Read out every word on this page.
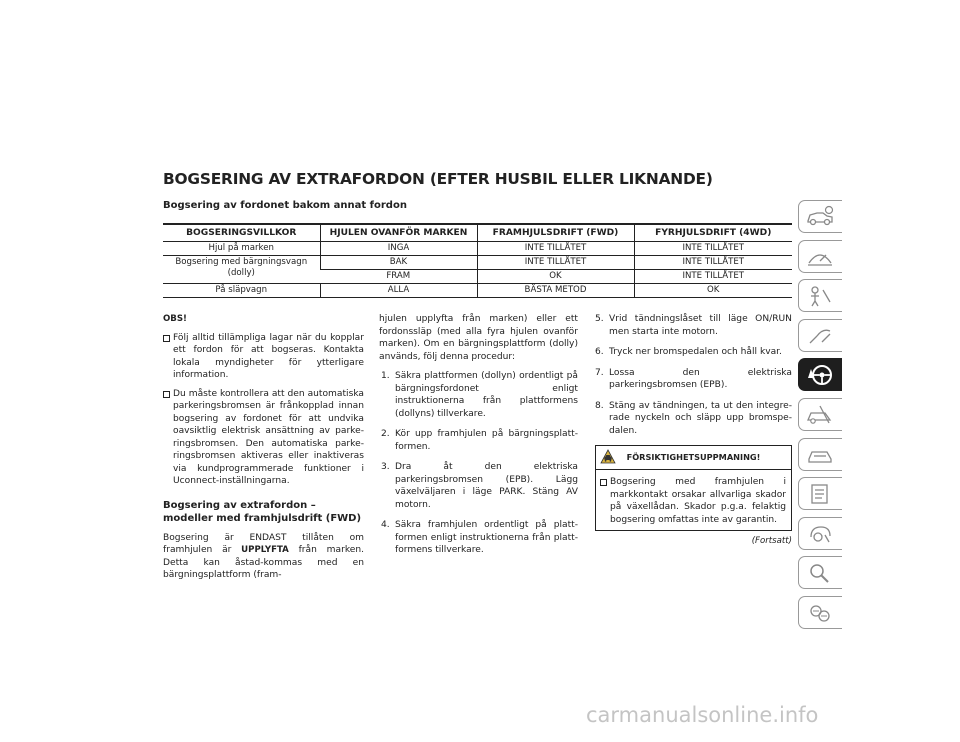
BOGSERING AV EXTRAFORDON (EFTER HUSBIL ELLER LIKNANDE)
Bogsering av fordonet bakom annat fordon
BOGSERINGSVILLKOR	HJULEN OVANFÖR MARKEN	FRAMHJULSDRIFT (FWD)	FYRHJULSDRIFT (4WD)
Hjul på marken	INGA	INTE TILLÅTET	INTE TILLÅTET
Bogsering med bärgningsvagn (dolly)	BAK	INTE TILLÅTET	INTE TILLÅTET
	FRAM	OK	INTE TILLÅTET
På släpvagn	ALLA	BÄSTA METOD	OK
OBS!
Följ alltid tillämpliga lagar när du kopplar ett fordon för att bogseras. Kontakta lokala myndigheter för ytterligare information.
Du måste kontrollera att den automatiska parkeringsbromsen är frånkopplad innan bogsering av fordonet för att undvika oavsiktlig elektrisk ansättning av parke-ringsbromsen. Den automatiska parke-ringsbromsen aktiveras eller inaktiveras via kundprogrammerade funktioner i Uconnect-inställningarna.
Bogsering av extrafordon – modeller med framhjulsdrift (FWD)
Bogsering är ENDAST tillåten om framhjulen är UPPLYFTA från marken. Detta kan åstad-kommas med en bärgningsplattform (fram-
hjulen upplyfta från marken) eller ett fordonssläp (med alla fyra hjulen ovanför marken). Om en bärgningsplattform (dolly) används, följ denna procedur:
1. Säkra plattformen (dollyn) ordentligt på bärgningsfordonet enligt instruktionerna från plattformens (dollyns) tillverkare.
2. Kör upp framhjulen på bärgningsplatt-formen.
3. Dra åt den elektriska parkeringsbromsen (EPB). Lägg växelväljaren i läge PARK. Stäng AV motorn.
4. Säkra framhjulen ordentligt på platt-formen enligt instruktionerna från platt-formens tillverkare.
5. Vrid tändningslåset till läge ON/RUN men starta inte motorn.
6. Tryck ner bromspedalen och håll kvar.
7. Lossa den elektriska parkeringsbromsen (EPB).
8. Stäng av tändningen, ta ut den integre-rade nyckeln och släpp upp bromspe-dalen.
FÖRSIKTIGHETSUPPMANING!
Bogsering med framhjulen i markkontakt orsakar allvarliga skador på växellådan. Skador p.g.a. felaktig bogsering omfattas inte av garantin.
(Fortsatt)
carmanualsonline.info
